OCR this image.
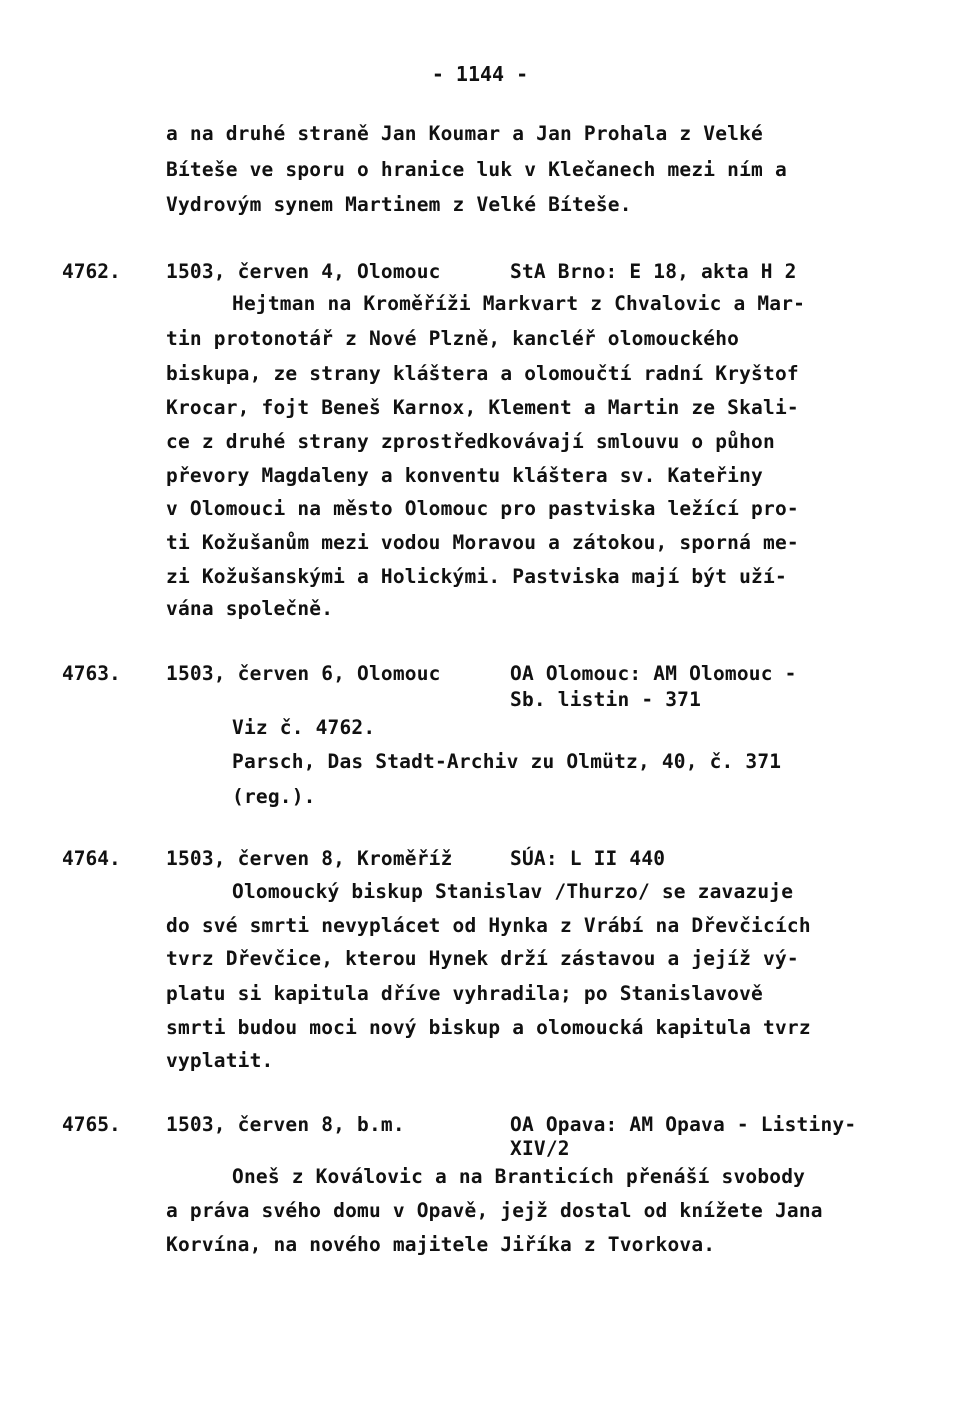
- 1144 -
a na druhé straně Jan Koumar a Jan Prohala z Velké
Bíteše ve sporu o hranice luk v Klečanech mezi ním a
Vydrovým synem Martinem z Velké Bíteše.
4762. 1503, červen 4, Olomouc	StA Brno: E 18, akta H 2
Hejtman na Kroměříži Markvart z Chvalovic a Mar-
tin protonotář z Nové Plzně, kancléř olomouckého
biskupa, ze strany kláštera a olomoučtí radní Kryštof
Krocar, fojt Beneš Karnox, Klement a Martin ze Skali-
ce z druhé strany zprostředkovávají smlouvu o půhon
převory Magdaleny a konventu kláštera sv. Kateřiny
v Olomouci na město Olomouc pro pastviska ležící pro-
ti Kožušanům mezi vodou Moravou a zátokou, sporná me-
zi Kožušanskými a Holickými. Pastviska mají být uží-
vána společně.
4763. 1503, červen 6, Olomouc	OA Olomouc: AM Olomouc -
Sb. listin - 371
Viz č. 4762.
Parsch, Das Stadt-Archiv zu Olmütz, 40, č. 371
(reg.).
4764. 1503, červen 8, Kroměříž	SÚA: L II 440
Olomoucký biskup Stanislav /Thurzo/ se zavazuje
do své smrti nevyplácet od Hynka z Vrábí na Dřevčicích
tvrz Dřevčice, kterou Hynek drží zástavou a jejíž vý-
platu si kapitula dříve vyhradila; po Stanislavově
smrti budou moci nový biskup a olomoucká kapitula tvrz
vyplatit.
4765. 1503, červen 8, b.m.	OA Opava: AM Opava - Listiny-
XIV/2
Oneš z Koválovic a na Branticích přenáší svobody
a práva svého domu v Opavě, jejž dostal od knížete Jana
Korvína, na nového majitele Jiříka z Tvorkova.
